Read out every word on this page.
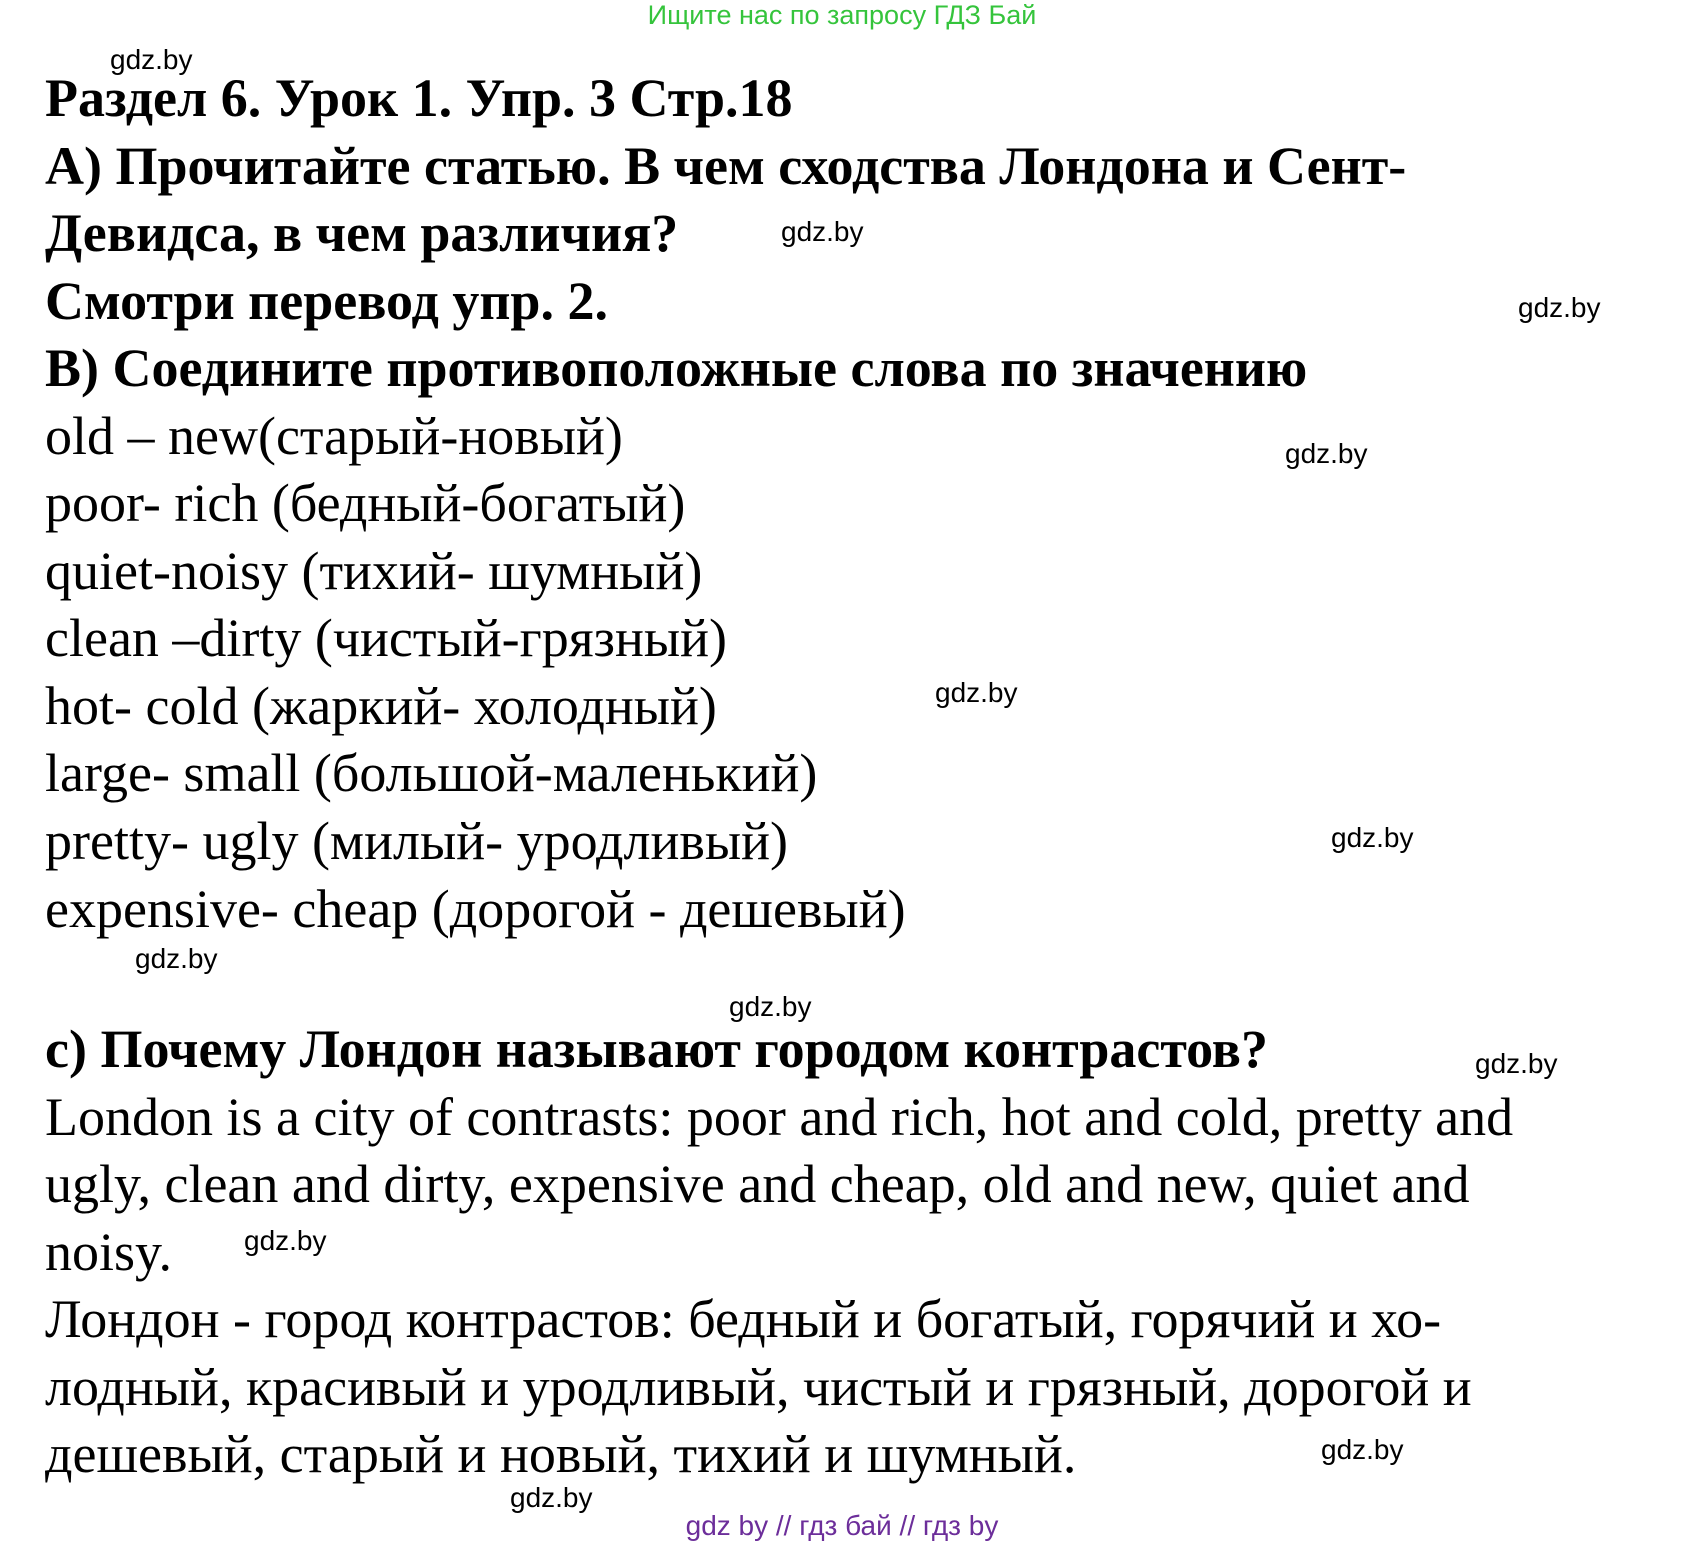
Ищите нас по запросу ГДЗ Бай
gdz.by
gdz.by
gdz.by
gdz.by
gdz.by
gdz.by
gdz.by
gdz.by
gdz.by
gdz.by
gdz.by
gdz.by
Раздел 6. Урок 1. Упр. 3 Стр.18
A) Прочитайте статью. В чем сходства Лондона и Сент-
Девидса, в чем различия?
Смотри перевод упр. 2.
B) Соедините противоположные слова по значению
old – new(старый-новый)
poor- rich (бедный-богатый)
quiet-noisy (тихий- шумный)
clean –dirty (чистый-грязный)
hot- cold (жаркий- холодный)
large- small (большой-маленький)
pretty- ugly (милый- уродливый)
expensive- cheap (дорогой - дешевый)
c) Почему Лондон называют городом контрастов?
London is a city of contrasts: poor and rich, hot and cold, pretty and
ugly, clean and dirty, expensive and cheap, old and new, quiet and
noisy.
Лондон - город контрастов: бедный и богатый, горячий и хо-
лодный, красивый и уродливый, чистый и грязный, дорогой и
дешевый, старый и новый, тихий и шумный.
gdz by // гдз бай // гдз by
